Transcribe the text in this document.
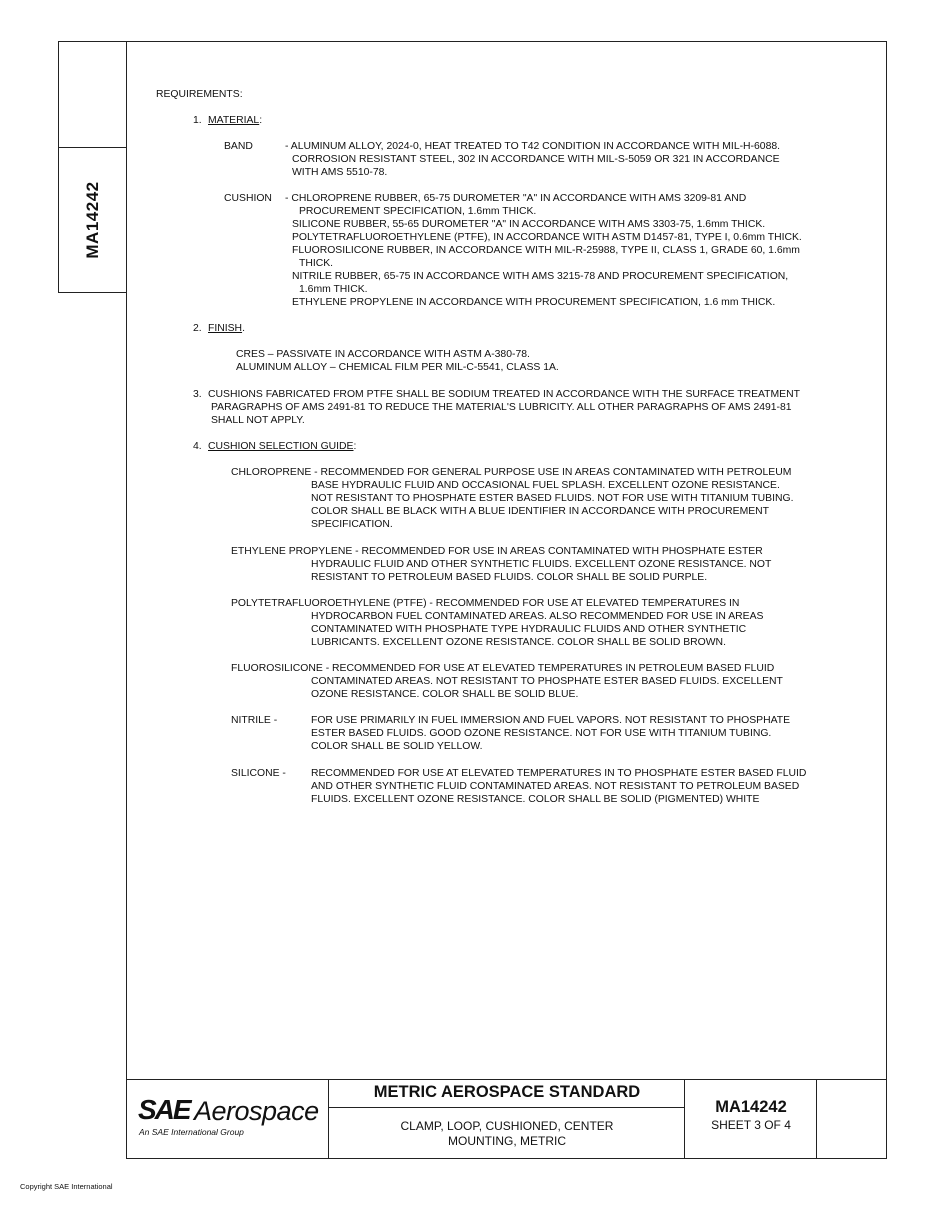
MA14242
REQUIREMENTS:
1. MATERIAL:
BAND	- ALUMINUM ALLOY, 2024-0, HEAT TREATED TO T42 CONDITION IN ACCORDANCE WITH MIL-H-6088.
CORROSION RESISTANT STEEL, 302 IN ACCORDANCE WITH MIL-S-5059 OR 321 IN ACCORDANCE
WITH AMS 5510-78.
CUSHION - CHLOROPRENE RUBBER, 65-75 DUROMETER "A" IN ACCORDANCE WITH AMS 3209-81 AND
PROCUREMENT SPECIFICATION, 1.6mm THICK.
SILICONE RUBBER, 55-65 DUROMETER "A" IN ACCORDANCE WITH AMS 3303-75, 1.6mm THICK.
POLYTETRAFLUOROETHYLENE (PTFE), IN ACCORDANCE WITH ASTM D1457-81, TYPE I, 0.6mm THICK.
FLUOROSILICONE RUBBER, IN ACCORDANCE WITH MIL-R-25988, TYPE II, CLASS 1, GRADE 60, 1.6mm
THICK.
NITRILE RUBBER, 65-75 IN ACCORDANCE WITH AMS 3215-78 AND PROCUREMENT SPECIFICATION,
1.6mm THICK.
ETHYLENE PROPYLENE IN ACCORDANCE WITH PROCUREMENT SPECIFICATION, 1.6 mm THICK.
2. FINISH.
CRES – PASSIVATE IN ACCORDANCE WITH ASTM A-380-78.
ALUMINUM ALLOY – CHEMICAL FILM PER MIL-C-5541, CLASS 1A.
3. CUSHIONS FABRICATED FROM PTFE SHALL BE SODIUM TREATED IN ACCORDANCE WITH THE SURFACE TREATMENT
PARAGRAPHS OF AMS 2491-81 TO REDUCE THE MATERIAL'S LUBRICITY. ALL OTHER PARAGRAPHS OF AMS 2491-81
SHALL NOT APPLY.
4. CUSHION SELECTION GUIDE:
CHLOROPRENE - RECOMMENDED FOR GENERAL PURPOSE USE IN AREAS CONTAMINATED WITH PETROLEUM
BASE HYDRAULIC FLUID AND OCCASIONAL FUEL SPLASH. EXCELLENT OZONE RESISTANCE.
NOT RESISTANT TO PHOSPHATE ESTER BASED FLUIDS. NOT FOR USE WITH TITANIUM TUBING.
COLOR SHALL BE BLACK WITH A BLUE IDENTIFIER IN ACCORDANCE WITH PROCUREMENT
SPECIFICATION.
ETHYLENE PROPYLENE - RECOMMENDED FOR USE IN AREAS CONTAMINATED WITH PHOSPHATE ESTER
HYDRAULIC FLUID AND OTHER SYNTHETIC FLUIDS. EXCELLENT OZONE RESISTANCE. NOT
RESISTANT TO PETROLEUM BASED FLUIDS. COLOR SHALL BE SOLID PURPLE.
POLYTETRAFLUOROETHYLENE (PTFE) - RECOMMENDED FOR USE AT ELEVATED TEMPERATURES IN
HYDROCARBON FUEL CONTAMINATED AREAS. ALSO RECOMMENDED FOR USE IN AREAS
CONTAMINATED WITH PHOSPHATE TYPE HYDRAULIC FLUIDS AND OTHER SYNTHETIC
LUBRICANTS. EXCELLENT OZONE RESISTANCE. COLOR SHALL BE SOLID BROWN.
FLUOROSILICONE - RECOMMENDED FOR USE AT ELEVATED TEMPERATURES IN PETROLEUM BASED FLUID
CONTAMINATED AREAS. NOT RESISTANT TO PHOSPHATE ESTER BASED FLUIDS. EXCELLENT
OZONE RESISTANCE. COLOR SHALL BE SOLID BLUE.
NITRILE -	FOR USE PRIMARILY IN FUEL IMMERSION AND FUEL VAPORS. NOT RESISTANT TO PHOSPHATE
ESTER BASED FLUIDS. GOOD OZONE RESISTANCE. NOT FOR USE WITH TITANIUM TUBING.
COLOR SHALL BE SOLID YELLOW.
SILICONE - RECOMMENDED FOR USE AT ELEVATED TEMPERATURES IN TO PHOSPHATE ESTER BASED FLUID
AND OTHER SYNTHETIC FLUID CONTAMINATED AREAS. NOT RESISTANT TO PETROLEUM BASED
FLUIDS. EXCELLENT OZONE RESISTANCE. COLOR SHALL BE SOLID (PIGMENTED) WHITE
SAE Aerospace
An SAE International Group
METRIC AEROSPACE STANDARD
CLAMP, LOOP, CUSHIONED, CENTER
MOUNTING, METRIC
MA14242
SHEET 3 OF 4
Copyright SAE International
